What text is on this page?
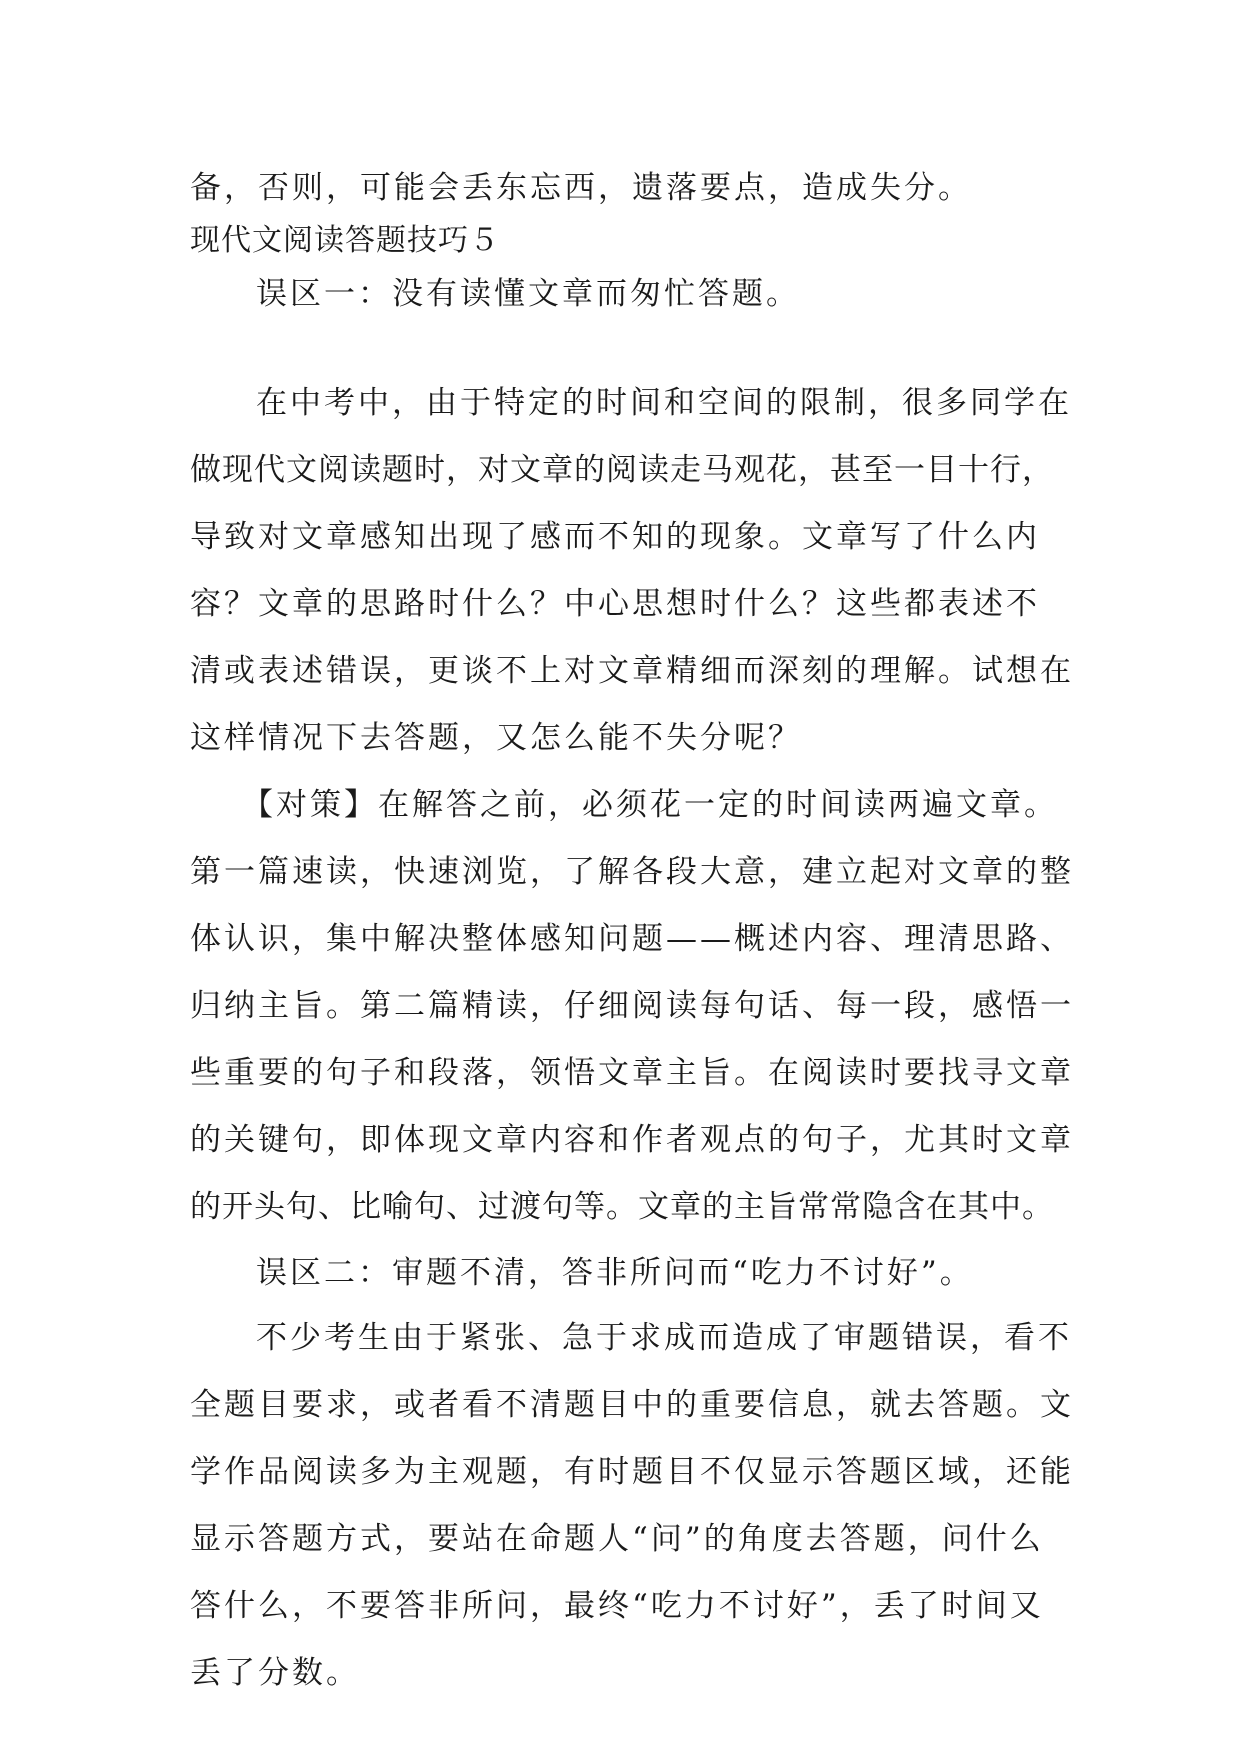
备，否则，可能会丢东忘西，遗落要点，造成失分。
现代文阅读答题技巧５
误区一：没有读懂文章而匆忙答题。
在中考中，由于特定的时间和空间的限制，很多同学在
做现代文阅读题时，对文章的阅读走马观花，甚至一目十行，
导致对文章感知出现了感而不知的现象。文章写了什么内
容？文章的思路时什么？中心思想时什么？这些都表述不
清或表述错误，更谈不上对文章精细而深刻的理解。试想在
这样情况下去答题，又怎么能不失分呢？
【对策】在解答之前，必须花一定的时间读两遍文章。
第一篇速读，快速浏览，了解各段大意，建立起对文章的整
体认识，集中解决整体感知问题——概述内容、理清思路、
归纳主旨。第二篇精读，仔细阅读每句话、每一段，感悟一
些重要的句子和段落，领悟文章主旨。在阅读时要找寻文章
的关键句，即体现文章内容和作者观点的句子，尤其时文章
的开头句、比喻句、过渡句等。文章的主旨常常隐含在其中。
误区二：审题不清，答非所问而“吃力不讨好”。
不少考生由于紧张、急于求成而造成了审题错误，看不
全题目要求，或者看不清题目中的重要信息，就去答题。文
学作品阅读多为主观题，有时题目不仅显示答题区域，还能
显示答题方式，要站在命题人“问”的角度去答题，问什么
答什么，不要答非所问，最终“吃力不讨好”，丢了时间又
丢了分数。
